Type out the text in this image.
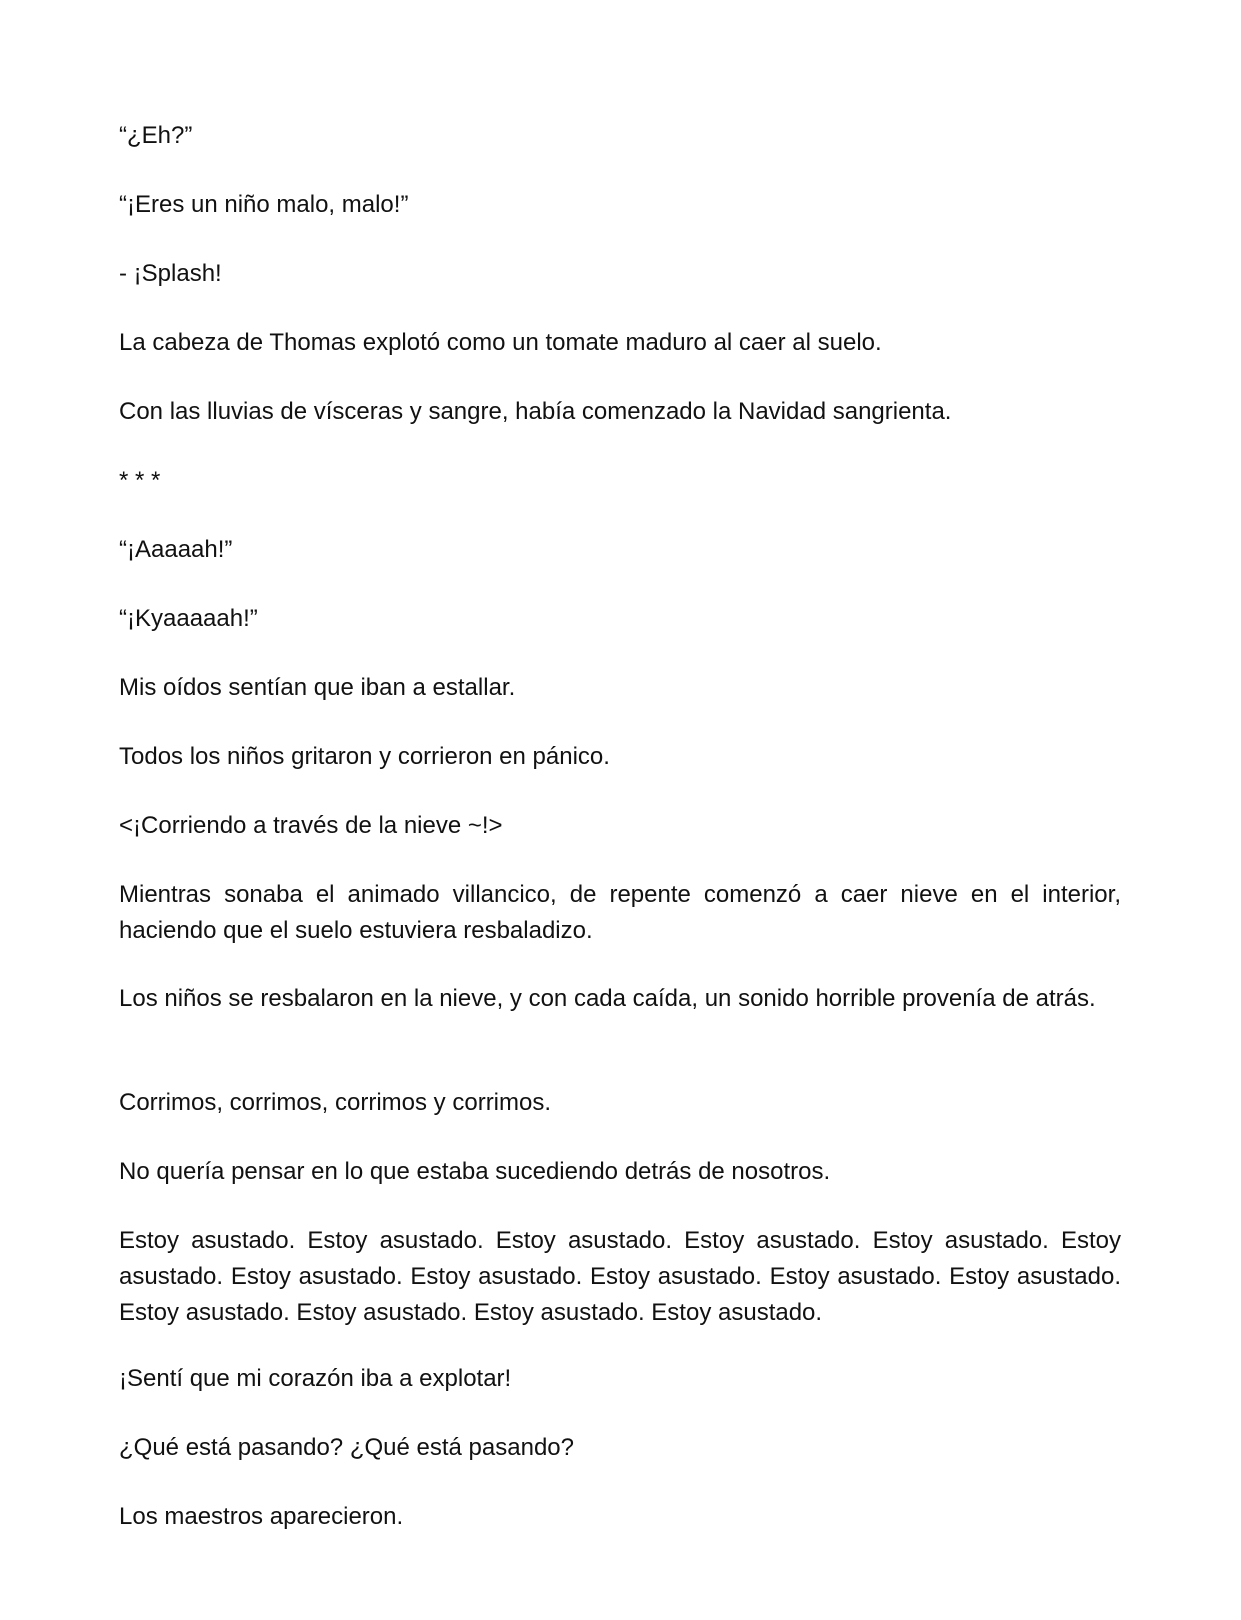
“¿Eh?”

“¡Eres un niño malo, malo!”

- ¡Splash!

La cabeza de Thomas explotó como un tomate maduro al caer al suelo.

Con las lluvias de vísceras y sangre, había comenzado la Navidad sangrienta.

* * *

“¡Aaaaah!”

“¡Kyaaaaah!”

Mis oídos sentían que iban a estallar.

Todos los niños gritaron y corrieron en pánico.

<¡Corriendo a través de la nieve ~!>

Mientras sonaba el animado villancico, de repente comenzó a caer nieve en el interior, haciendo que el suelo estuviera resbaladizo.

Los niños se resbalaron en la nieve, y con cada caída, un sonido horrible provenía de atrás.

Corrimos, corrimos, corrimos y corrimos.

No quería pensar en lo que estaba sucediendo detrás de nosotros.

Estoy asustado. Estoy asustado. Estoy asustado. Estoy asustado. Estoy asustado. Estoy asustado. Estoy asustado. Estoy asustado. Estoy asustado. Estoy asustado. Estoy asustado. Estoy asustado. Estoy asustado. Estoy asustado. Estoy asustado.

¡Sentí que mi corazón iba a explotar!

¿Qué está pasando? ¿Qué está pasando?

Los maestros aparecieron.
